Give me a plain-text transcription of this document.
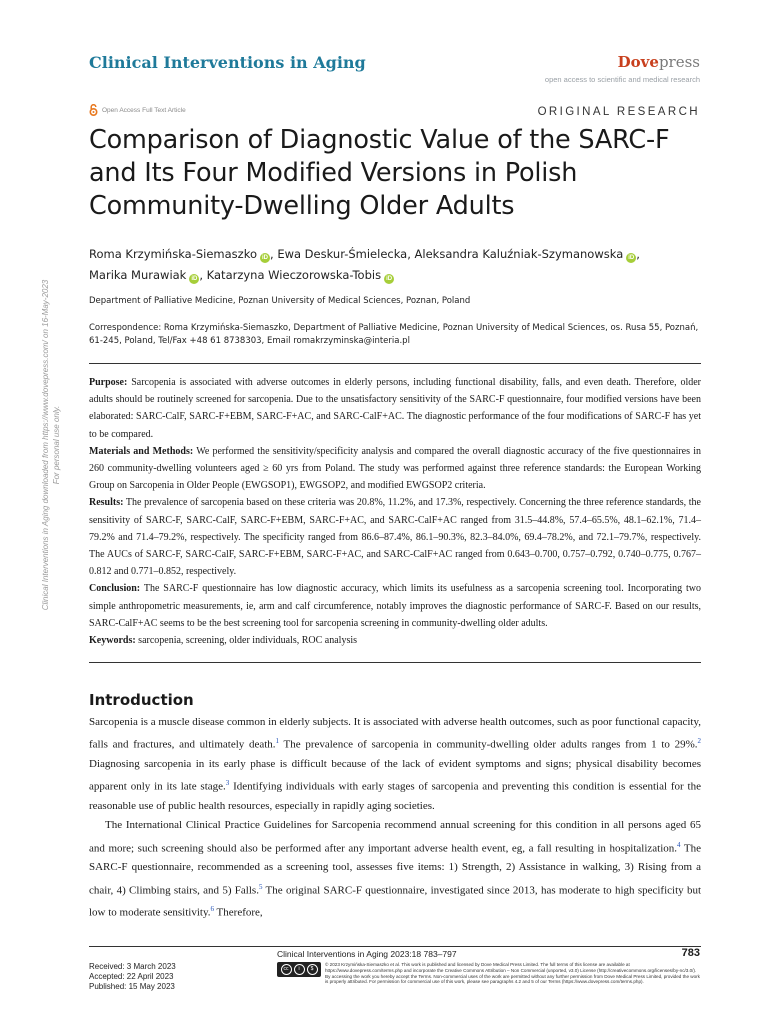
Clinical Interventions in Aging	Dovepress
open access to scientific and medical research
Open Access Full Text Article	ORIGINAL RESEARCH
Comparison of Diagnostic Value of the SARC-F and Its Four Modified Versions in Polish Community-Dwelling Older Adults
Roma Krzymińska-Siemaszko iD , Ewa Deskur-Śmielecka, Aleksandra Kaluźniak-Szymanowska iD ,
Marika Murawiak iD , Katarzyna Wieczorowska-Tobis iD
Department of Palliative Medicine, Poznan University of Medical Sciences, Poznan, Poland
Correspondence: Roma Krzymińska-Siemaszko, Department of Palliative Medicine, Poznan University of Medical Sciences, os. Rusa 55, Poznań, 61-245, Poland, Tel/Fax +48 61 8738303, Email romakrzyminska@interia.pl

Purpose: Sarcopenia is associated with adverse outcomes in elderly persons, including functional disability, falls, and even death. Therefore, older adults should be routinely screened for sarcopenia. Due to the unsatisfactory sensitivity of the SARC-F questionnaire, four modified versions have been elaborated: SARC-CalF, SARC-F+EBM, SARC-F+AC, and SARC-CalF+AC. The diagnostic performance of the four modifications of SARC-F has yet to be compared.

Materials and Methods: We performed the sensitivity/specificity analysis and compared the overall diagnostic accuracy of the five questionnaires in 260 community-dwelling volunteers aged ≥ 60 yrs from Poland. The study was performed against three reference standards: the European Working Group on Sarcopenia in Older People (EWGSOP1), EWGSOP2, and modified EWGSOP2 criteria.

Results: The prevalence of sarcopenia based on these criteria was 20.8%, 11.2%, and 17.3%, respectively. Concerning the three reference standards, the sensitivity of SARC-F, SARC-CalF, SARC-F+EBM, SARC-F+AC, and SARC-CalF+AC ranged from 31.5–44.8%, 57.4–65.5%, 48.1–62.1%, 71.4–79.2% and 71.4–79.2%, respectively. The specificity ranged from 86.6–87.4%, 86.1–90.3%, 82.3–84.0%, 69.4–78.2%, and 72.1–79.7%, respectively. The AUCs of SARC-F, SARC-CalF, SARC-F+EBM, SARC-F+AC, and SARC-CalF+AC ranged from 0.643–0.700, 0.757–0.792, 0.740–0.775, 0.767–0.812 and 0.771–0.852, respectively.

Conclusion: The SARC-F questionnaire has low diagnostic accuracy, which limits its usefulness as a sarcopenia screening tool. Incorporating two simple anthropometric measurements, ie, arm and calf circumference, notably improves the diagnostic performance of SARC-F. Based on our results, SARC-CalF+AC seems to be the best screening tool for sarcopenia screening in community-dwelling older adults.

Keywords: sarcopenia, screening, older individuals, ROC analysis

Introduction

Sarcopenia is a muscle disease common in elderly subjects. It is associated with adverse health outcomes, such as poor functional capacity, falls and fractures, and ultimately death.$^1$ The prevalence of sarcopenia in community-dwelling older adults ranges from 1 to 29%.$^2$ Diagnosing sarcopenia in its early phase is difficult because of the lack of evident symptoms and signs; physical disability becomes apparent only in its late stage.$^3$ Identifying individuals with early stages of sarcopenia and preventing this condition is essential for the reasonable use of public health resources, especially in rapidly aging societies.

The International Clinical Practice Guidelines for Sarcopenia recommend annual screening for this condition in all persons aged 65 and more; such screening should also be performed after any important adverse health event, eg, a fall resulting in hospitalization.$^4$ The SARC-F questionnaire, recommended as a screening tool, assesses five items: 1) Strength, 2) Assistance in walking, 3) Rising from a chair, 4) Climbing stairs, and 5) Falls.$^5$ The original SARC-F questionnaire, investigated since 2013, has moderate to high specificity but low to moderate sensitivity.$^6$ Therefore,

Clinical Interventions in Aging downloaded from https://www.dovepress.com/ on 16-May-2023 For personal use only.
Received: 3 March 2023
Accepted: 22 April 2023
Published: 15 May 2023
Clinical Interventions in Aging 2023:18 783–797	783
cc	i	$
© 2023 Krzymińska-Siemaszko et al. This work is published and licensed by Dove Medical Press Limited. The full terms of this license are available at https://www.dovepress.com/terms.php and incorporate the Creative Commons Attribution – Non Commercial (unported, v3.0) License (http://creativecommons.org/licenses/by-nc/3.0/). By accessing the work you hereby accept the Terms. Non-commercial uses of the work are permitted without any further permission from Dove Medical Press Limited, provided the work is properly attributed. For permission for commercial use of this work, please see paragraphs 4.2 and 5 of our Terms (https://www.dovepress.com/terms.php).
